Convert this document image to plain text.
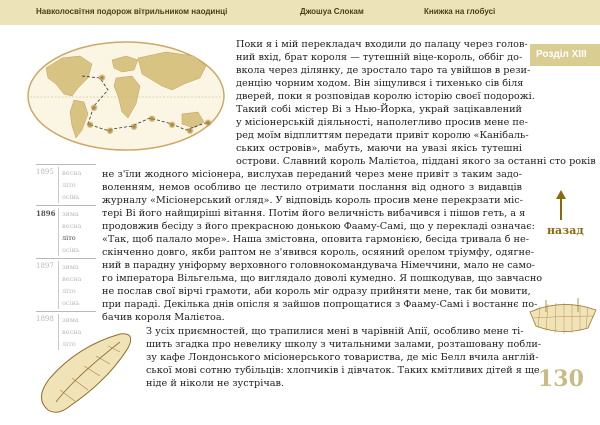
Навколосвітня подорож вітрильником наодинці	Джошуа Слокам	Книжка на глобусі
✺
✺
✺
✺ ✺
✺
✺
✺
✺
Розділ XIII
1895 весна
літо
осінь
1896 зима
весна
літо
осінь
1897 зима
весна
літо
осінь
1898 зима
весна
літо
Поки я і мій перекладач входили до палацу через голов-
ний вхід, брат короля — тутешній віце-король, оббіг до-
вкола через ділянку, де зростало таро та увійшов в рези-
денцію чорним ходом. Він зіщулився і тихенько сів біля
дверей, поки я розповідав королю історію своєї подорожі.
Такий собі містер Ві з Нью-Йорка, украй зацікавлений
у місіонерській діяльності, наполегливо просив мене пе-
ред моїм відплиттям передати привіт королю «Канібаль-
ських островів», мабуть, маючи на увазі якісь тутешні
острови. Славний король Малієтоа, піддані якого за останні сто років
не з'їли жодного місіонера, вислухав переданий через мене привіт з таким задо-
воленням, немов особливо це лестило отримати послання від одного з видавців
журналу «Місіонерський огляд». У відповідь король просив мене перекрзати міс-
тері Ві його найщиріші вітання. Потім його величність вибачився і пішов геть, а я
продовжив бесіду з його прекрасною донькою Фааму-Самі, що у перекладі означає:
«Так, щоб палало море». Наша змістовна, оповита гармонією, бесіда тривала б не-
скінченно довго, якби раптом не з'явився король, осяяний орелом тріумфу, одягне-
ний в парадну уніформу верховного головнокомандувача Німеччини, мало не само-
го імператора Вільгельма, що виглядало доволі кумедно. Я пошкодував, що завчасно
не послав свої вірчі грамоти, аби король міг одразу прийняти мене, так би мовити,
при параді. Декілька днів опісля я зайшов попрощатися з Фааму-Самі і востаннє по-
бачив короля Малієтоа.
З усіх приємностей, що трапилися мені в чарівній Апії, особливо мене ті-
шить згадка про невелику школу з читальними залами, розташовану побли-
зу кафе Лондонського місіонерського товариства, де міс Белл вчила англій-
ської мові сотню тубільців: хлопчиків і дівчаток. Таких кмітливих дітей я ще
ніде й ніколи не зустрічав.
назад
130
